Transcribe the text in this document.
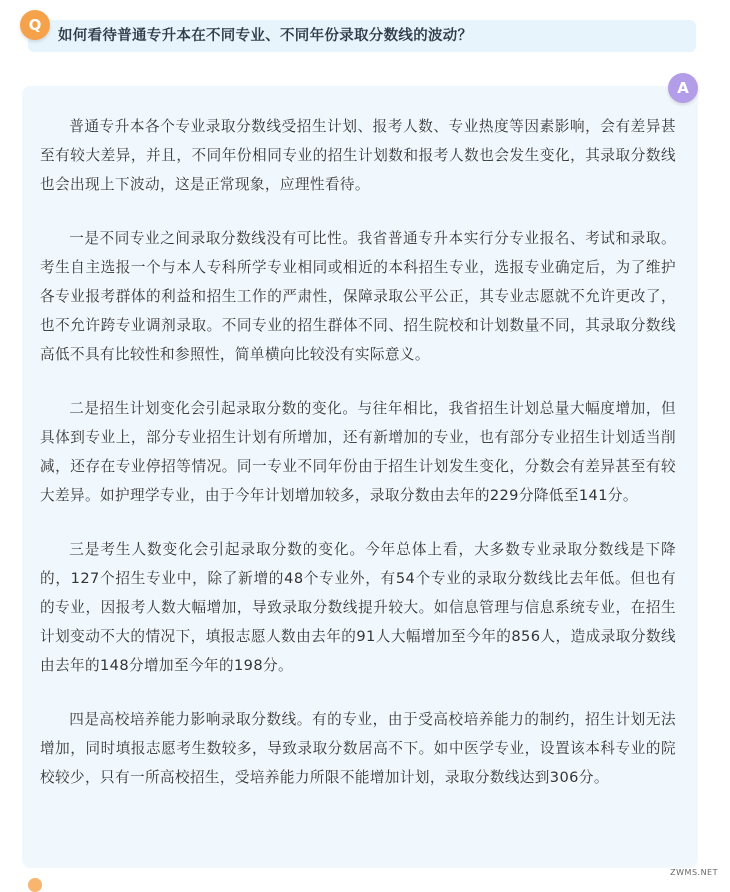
Q
如何看待普通专升本在不同专业、不同年份录取分数线的波动？
A

普通专升本各个专业录取分数线受招生计划、报考人数、专业热度等因素影响，会有差异甚至有较大差异，并且，不同年份相同专业的招生计划数和报考人数也会发生变化，其录取分数线也会出现上下波动，这是正常现象，应理性看待。

一是不同专业之间录取分数线没有可比性。我省普通专升本实行分专业报名、考试和录取。考生自主选报一个与本人专科所学专业相同或相近的本科招生专业，选报专业确定后，为了维护各专业报考群体的利益和招生工作的严肃性，保障录取公平公正，其专业志愿就不允许更改了，也不允许跨专业调剂录取。不同专业的招生群体不同、招生院校和计划数量不同，其录取分数线高低不具有比较性和参照性，简单横向比较没有实际意义。

二是招生计划变化会引起录取分数的变化。与往年相比，我省招生计划总量大幅度增加，但具体到专业上，部分专业招生计划有所增加，还有新增加的专业，也有部分专业招生计划适当削减，还存在专业停招等情况。同一专业不同年份由于招生计划发生变化，分数会有差异甚至有较大差异。如护理学专业，由于今年计划增加较多，录取分数由去年的229分降低至141分。

三是考生人数变化会引起录取分数的变化。今年总体上看，大多数专业录取分数线是下降的，127个招生专业中，除了新增的48个专业外，有54个专业的录取分数线比去年低。但也有的专业，因报考人数大幅增加，导致录取分数线提升较大。如信息管理与信息系统专业，在招生计划变动不大的情况下，填报志愿人数由去年的91人大幅增加至今年的856人，造成录取分数线由去年的148分增加至今年的198分。

四是高校培养能力影响录取分数线。有的专业，由于受高校培养能力的制约，招生计划无法增加，同时填报志愿考生数较多，导致录取分数居高不下。如中医学专业，设置该本科专业的院校较少，只有一所高校招生，受培养能力所限不能增加计划，录取分数线达到306分。

ZWMS.NET
